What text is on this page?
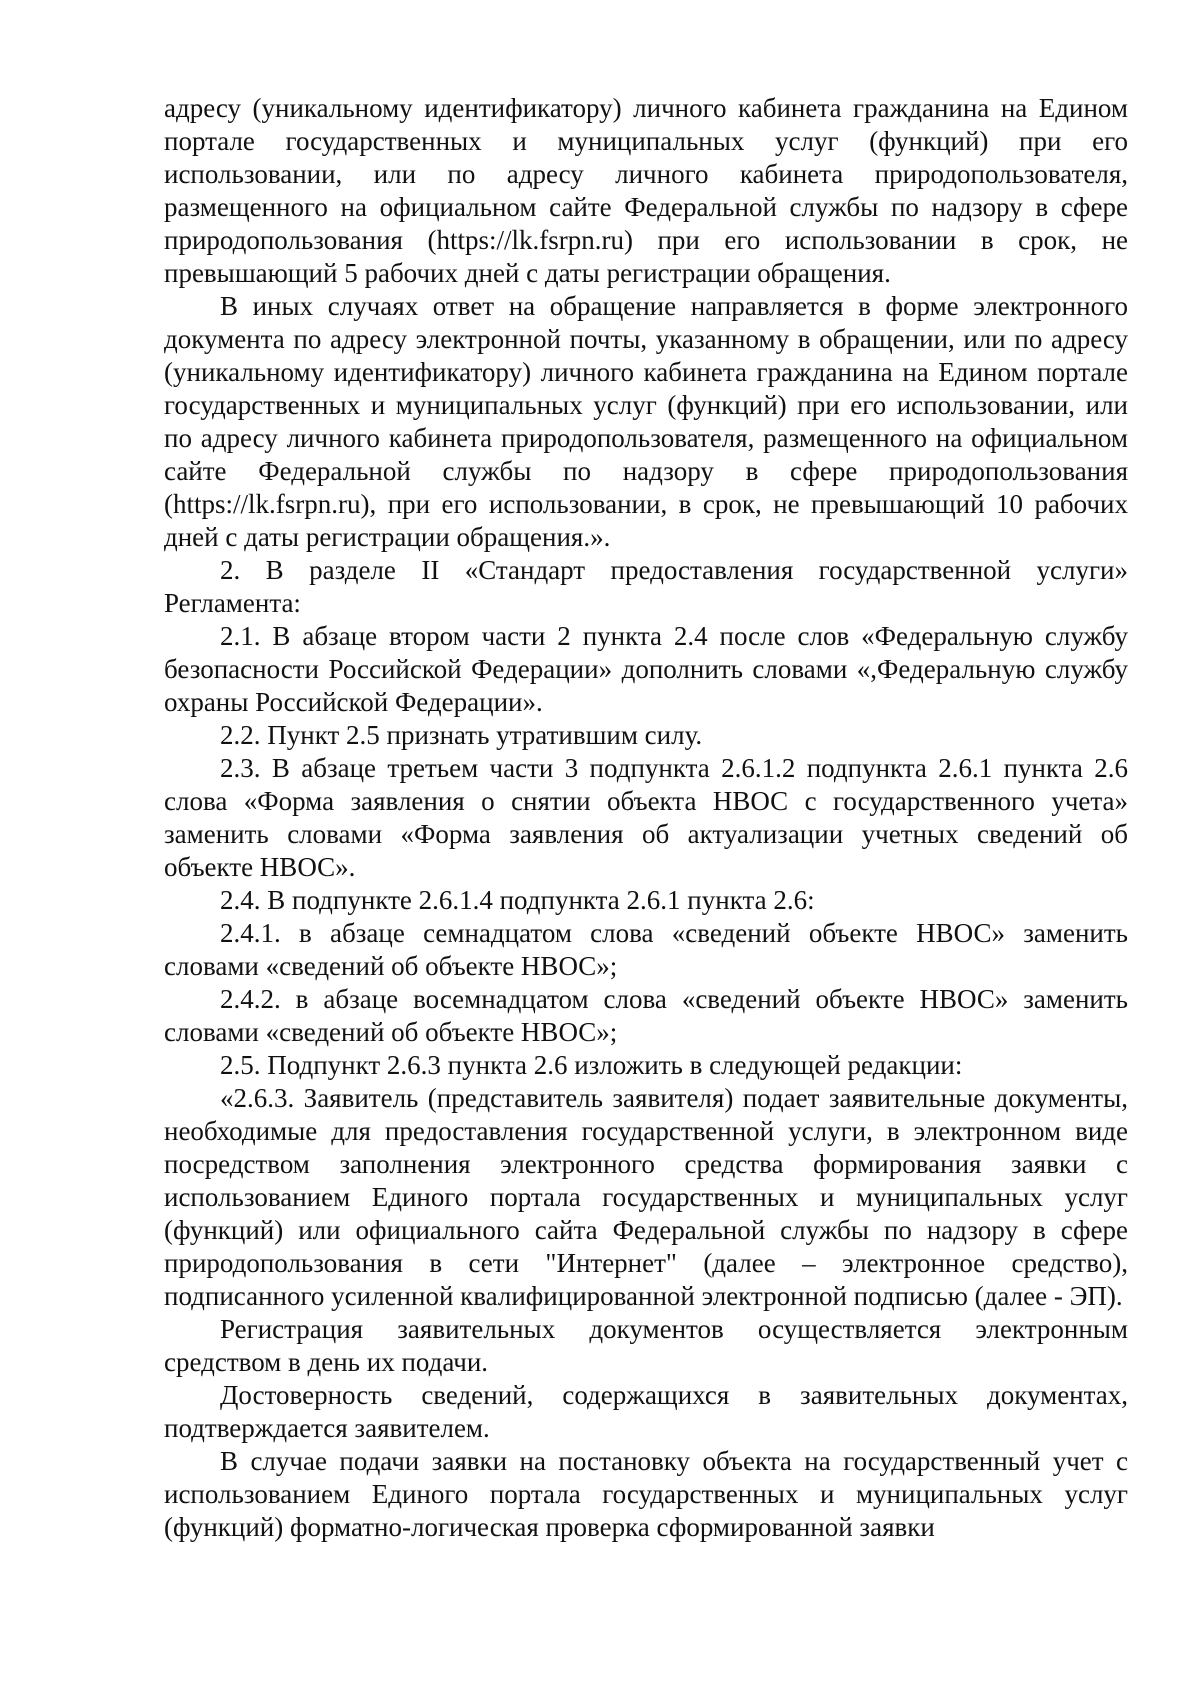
адресу (уникальному идентификатору) личного кабинета гражданина на Едином портале государственных и муниципальных услуг (функций) при его использовании, или по адресу личного кабинета природопользователя, размещенного на официальном сайте Федеральной службы по надзору в сфере природопользования (https://lk.fsrpn.ru) при его использовании в срок, не превышающий 5 рабочих дней с даты регистрации обращения.

В иных случаях ответ на обращение направляется в форме электронного документа по адресу электронной почты, указанному в обращении, или по адресу (уникальному идентификатору) личного кабинета гражданина на Едином портале государственных и муниципальных услуг (функций) при его использовании, или по адресу личного кабинета природопользователя, размещенного на официальном сайте Федеральной службы по надзору в сфере природопользования (https://lk.fsrpn.ru), при его использовании, в срок, не превышающий 10 рабочих дней с даты регистрации обращения.».

2. В разделе II «Стандарт предоставления государственной услуги» Регламента:

2.1. В абзаце втором части 2 пункта 2.4 после слов «Федеральную службу безопасности Российской Федерации» дополнить словами «,Федеральную службу охраны Российской Федерации».

2.2. Пункт 2.5 признать утратившим силу.

2.3. В абзаце третьем части 3 подпункта 2.6.1.2 подпункта 2.6.1 пункта 2.6 слова «Форма заявления о снятии объекта НВОС с государственного учета» заменить словами «Форма заявления об актуализации учетных сведений об объекте НВОС».

2.4. В подпункте 2.6.1.4 подпункта 2.6.1 пункта 2.6:

2.4.1. в абзаце семнадцатом слова «сведений объекте НВОС» заменить словами «сведений об объекте НВОС»;

2.4.2. в абзаце восемнадцатом слова «сведений объекте НВОС» заменить словами «сведений об объекте НВОС»;

2.5. Подпункт 2.6.3 пункта 2.6 изложить в следующей редакции:

«2.6.3. Заявитель (представитель заявителя) подает заявительные документы, необходимые для предоставления государственной услуги, в электронном виде посредством заполнения электронного средства формирования заявки с использованием Единого портала государственных и муниципальных услуг (функций) или официального сайта Федеральной службы по надзору в сфере природопользования в сети "Интернет" (далее – электронное средство), подписанного усиленной квалифицированной электронной подписью (далее - ЭП).

Регистрация заявительных документов осуществляется электронным средством в день их подачи.

Достоверность сведений, содержащихся в заявительных документах, подтверждается заявителем.

В случае подачи заявки на постановку объекта на государственный учет с использованием Единого портала государственных и муниципальных услуг (функций) форматно-логическая проверка сформированной заявки
